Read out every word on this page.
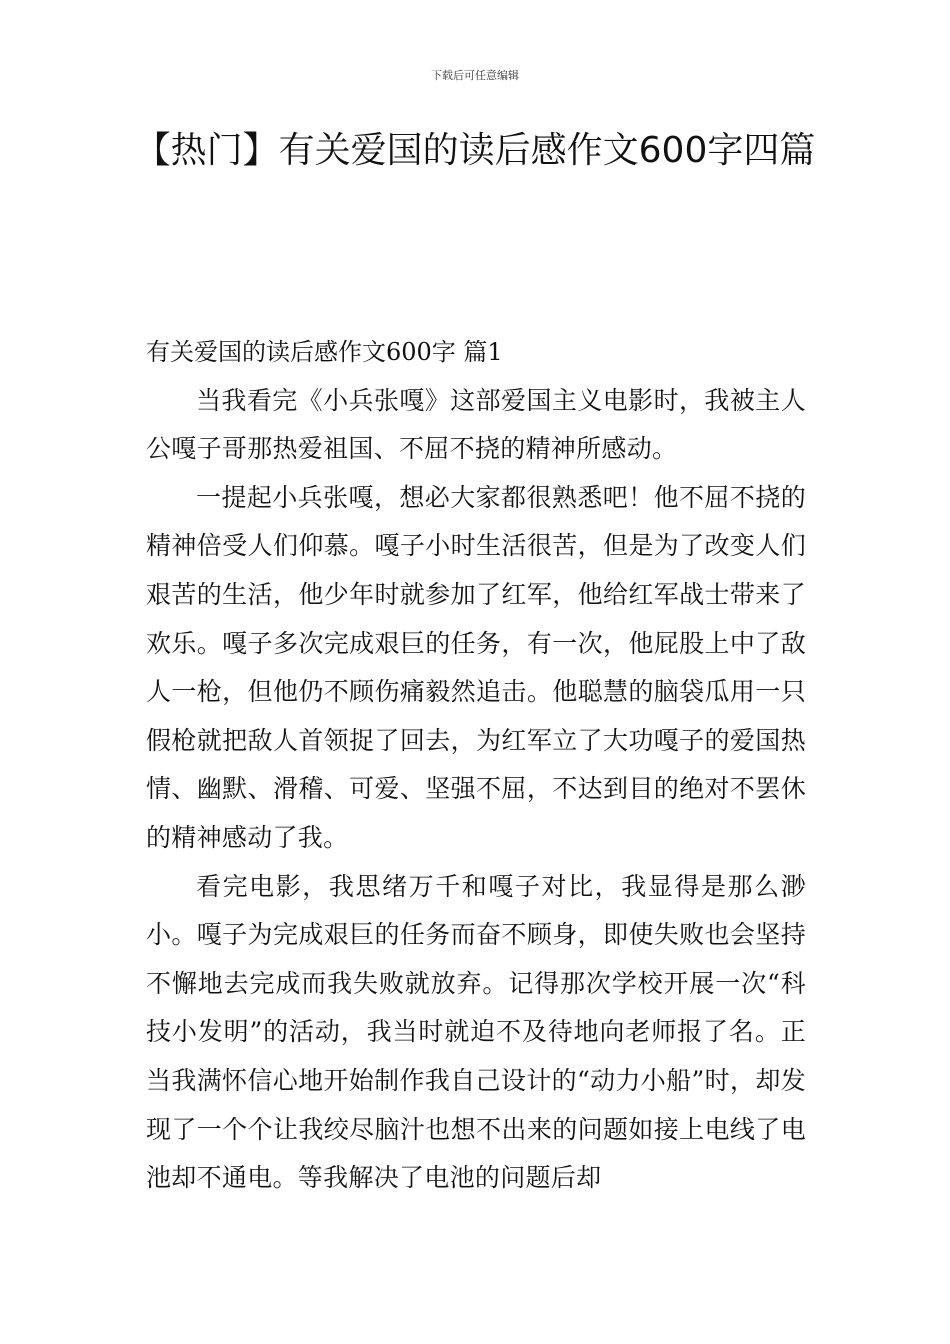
下载后可任意编辑
【热门】有关爱国的读后感作文600字四篇
有关爱国的读后感作文600字 篇1

当我看完《小兵张嘎》这部爱国主义电影时，我被主人公嘎子哥那热爱祖国、不屈不挠的精神所感动。

一提起小兵张嘎，想必大家都很熟悉吧！他不屈不挠的精神倍受人们仰慕。嘎子小时生活很苦，但是为了改变人们艰苦的生活，他少年时就参加了红军，他给红军战士带来了欢乐。嘎子多次完成艰巨的任务，有一次，他屁股上中了敌人一枪，但他仍不顾伤痛毅然追击。他聪慧的脑袋瓜用一只假枪就把敌人首领捉了回去，为红军立了大功嘎子的爱国热情、幽默、滑稽、可爱、坚强不屈，不达到目的绝对不罢休的精神感动了我。

看完电影，我思绪万千和嘎子对比，我显得是那么渺小。嘎子为完成艰巨的任务而奋不顾身，即使失败也会坚持不懈地去完成而我失败就放弃。记得那次学校开展一次“科技小发明”的活动，我当时就迫不及待地向老师报了名。正当我满怀信心地开始制作我自己设计的“动力小船”时，却发现了一个个让我绞尽脑汁也想不出来的问题如接上电线了电池却不通电。等我解决了电池的问题后却
